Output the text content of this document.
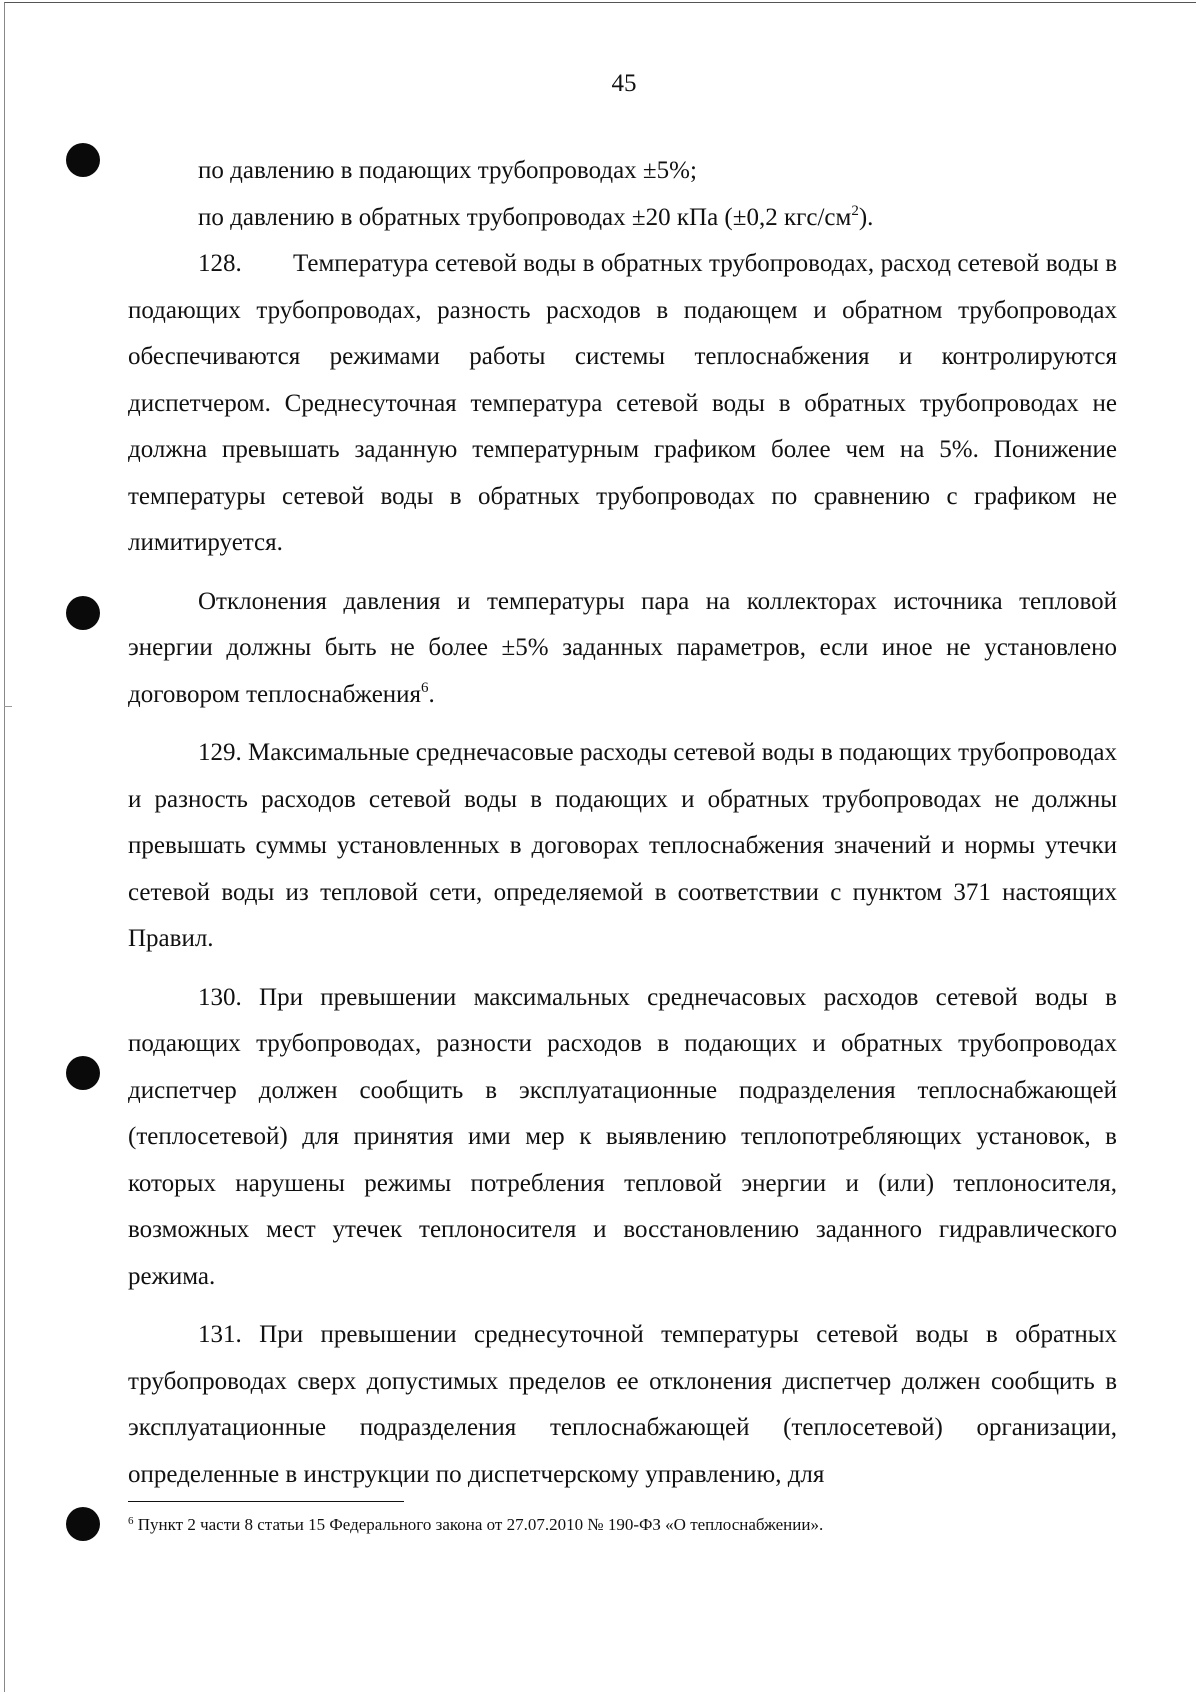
45

по давлению в подающих трубопроводах ±5%;

по давлению в обратных трубопроводах ±20 кПа (±0,2 кгс/$см^2$).

128.        Температура сетевой воды в обратных трубопроводах, расход сетевой воды в подающих трубопроводах, разность расходов в подающем и обратном трубопроводах обеспечиваются режимами работы системы теплоснабжения и контролируются диспетчером. Среднесуточная температура сетевой воды в обратных трубопроводах не должна превышать заданную температурным графиком более чем на 5%. Понижение температуры сетевой воды в обратных трубопроводах по сравнению с графиком не лимитируется.

Отклонения давления и температуры пара на коллекторах источника тепловой энергии должны быть не более ±5% заданных параметров, если иное не установлено договором теплоснабжения$^6$.

129. Максимальные среднечасовые расходы сетевой воды в подающих трубопроводах и разность расходов сетевой воды в подающих и обратных трубопроводах не должны превышать суммы установленных в договорах теплоснабжения значений и нормы утечки сетевой воды из тепловой сети, определяемой в соответствии с пунктом 371 настоящих Правил.

130. При превышении максимальных среднечасовых расходов сетевой воды в подающих трубопроводах, разности расходов в подающих и обратных трубопроводах диспетчер должен сообщить в эксплуатационные подразделения теплоснабжающей (теплосетевой) для принятия ими мер к выявлению теплопотребляющих установок, в которых нарушены режимы потребления тепловой энергии и (или) теплоносителя, возможных мест утечек теплоносителя и восстановлению заданного гидравлического режима.

131. При превышении среднесуточной температуры сетевой воды в обратных трубопроводах сверх допустимых пределов ее отклонения диспетчер должен сообщить в эксплуатационные подразделения теплоснабжающей (теплосетевой) организации, определенные в инструкции по диспетчерскому управлению, для

$^6$ Пункт 2 части 8 статьи 15 Федерального закона от 27.07.2010 № 190-ФЗ «О теплоснабжении».
